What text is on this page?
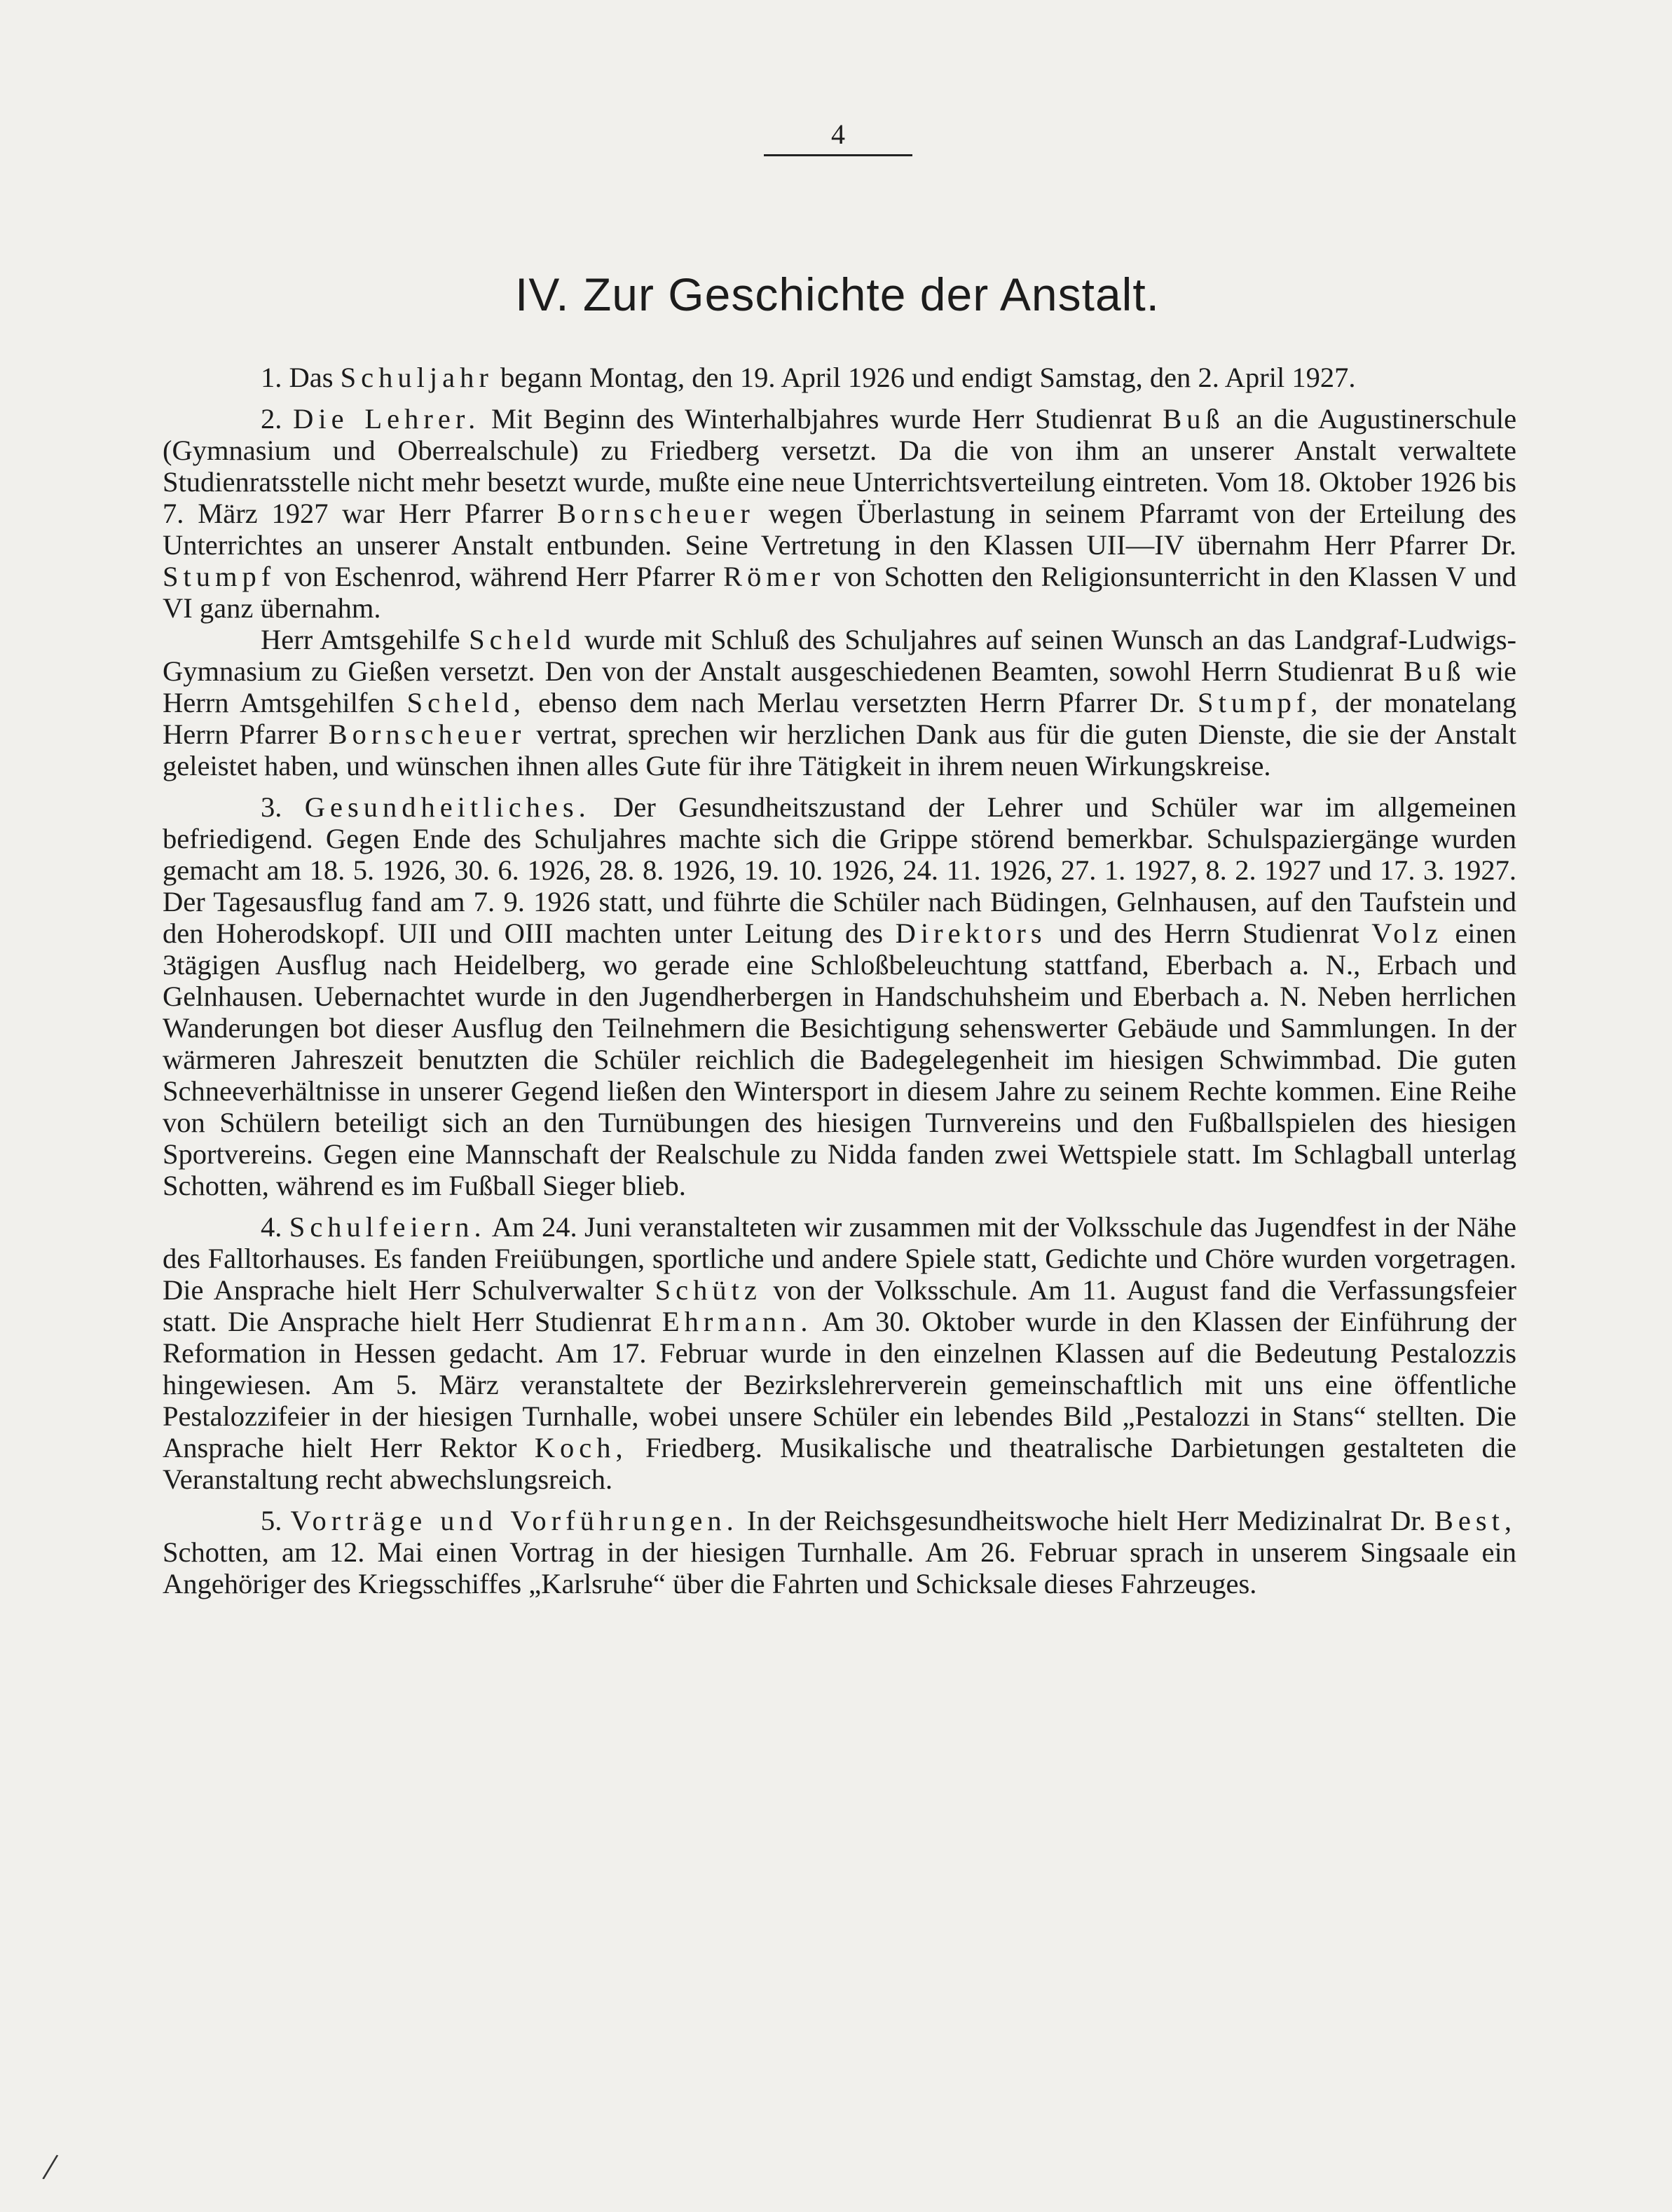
4
IV. Zur Geschichte der Anstalt.

1. Das Schuljahr begann Montag, den 19. April 1926 und endigt Samstag, den 2. April 1927.

2. Die Lehrer. Mit Beginn des Winterhalbjahres wurde Herr Studienrat Buß an die Augustinerschule (Gymnasium und Oberrealschule) zu Friedberg versetzt. Da die von ihm an unserer Anstalt verwaltete Studienratsstelle nicht mehr besetzt wurde, mußte eine neue Unterrichtsverteilung eintreten. Vom 18. Oktober 1926 bis 7. März 1927 war Herr Pfarrer Bornscheuer wegen Überlastung in seinem Pfarramt von der Erteilung des Unterrichtes an unserer Anstalt entbunden. Seine Vertretung in den Klassen UII—IV übernahm Herr Pfarrer Dr. Stumpf von Eschenrod, während Herr Pfarrer Römer von Schotten den Religionsunterricht in den Klassen V und VI ganz übernahm.

Herr Amtsgehilfe Scheld wurde mit Schluß des Schuljahres auf seinen Wunsch an das Landgraf-Ludwigs-Gymnasium zu Gießen versetzt. Den von der Anstalt ausgeschiedenen Beamten, sowohl Herrn Studienrat Buß wie Herrn Amtsgehilfen Scheld, ebenso dem nach Merlau versetzten Herrn Pfarrer Dr. Stumpf, der monatelang Herrn Pfarrer Bornscheuer vertrat, sprechen wir herzlichen Dank aus für die guten Dienste, die sie der Anstalt geleistet haben, und wünschen ihnen alles Gute für ihre Tätigkeit in ihrem neuen Wirkungskreise.

3. Gesundheitliches. Der Gesundheitszustand der Lehrer und Schüler war im allgemeinen befriedigend. Gegen Ende des Schuljahres machte sich die Grippe störend bemerkbar. Schulspaziergänge wurden gemacht am 18. 5. 1926, 30. 6. 1926, 28. 8. 1926, 19. 10. 1926, 24. 11. 1926, 27. 1. 1927, 8. 2. 1927 und 17. 3. 1927. Der Tagesausflug fand am 7. 9. 1926 statt, und führte die Schüler nach Büdingen, Gelnhausen, auf den Taufstein und den Hoherodskopf. UII und OIII machten unter Leitung des Direktors und des Herrn Studienrat Volz einen 3tägigen Ausflug nach Heidelberg, wo gerade eine Schloßbeleuchtung stattfand, Eberbach a. N., Erbach und Gelnhausen. Uebernachtet wurde in den Jugendherbergen in Handschuhsheim und Eberbach a. N. Neben herrlichen Wanderungen bot dieser Ausflug den Teilnehmern die Besichtigung sehenswerter Gebäude und Sammlungen. In der wärmeren Jahreszeit benutzten die Schüler reichlich die Badegelegenheit im hiesigen Schwimmbad. Die guten Schneeverhältnisse in unserer Gegend ließen den Wintersport in diesem Jahre zu seinem Rechte kommen. Eine Reihe von Schülern beteiligt sich an den Turnübungen des hiesigen Turnvereins und den Fußballspielen des hiesigen Sportvereins. Gegen eine Mannschaft der Realschule zu Nidda fanden zwei Wettspiele statt. Im Schlagball unterlag Schotten, während es im Fußball Sieger blieb.

4. Schulfeiern. Am 24. Juni veranstalteten wir zusammen mit der Volksschule das Jugendfest in der Nähe des Falltorhauses. Es fanden Freiübungen, sportliche und andere Spiele statt, Gedichte und Chöre wurden vorgetragen. Die Ansprache hielt Herr Schulverwalter Schütz von der Volksschule. Am 11. August fand die Verfassungsfeier statt. Die Ansprache hielt Herr Studienrat Ehrmann. Am 30. Oktober wurde in den Klassen der Einführung der Reformation in Hessen gedacht. Am 17. Februar wurde in den einzelnen Klassen auf die Bedeutung Pestalozzis hingewiesen. Am 5. März veranstaltete der Bezirkslehrerverein gemeinschaftlich mit uns eine öffentliche Pestalozzifeier in der hiesigen Turnhalle, wobei unsere Schüler ein lebendes Bild „Pestalozzi in Stans“ stellten. Die Ansprache hielt Herr Rektor Koch, Friedberg. Musikalische und theatralische Darbietungen gestalteten die Veranstaltung recht abwechslungsreich.

5. Vorträge und Vorführungen. In der Reichsgesundheitswoche hielt Herr Medizinalrat Dr. Best, Schotten, am 12. Mai einen Vortrag in der hiesigen Turnhalle. Am 26. Februar sprach in unserem Singsaale ein Angehöriger des Kriegsschiffes „Karlsruhe“ über die Fahrten und Schicksale dieses Fahrzeuges.

/
